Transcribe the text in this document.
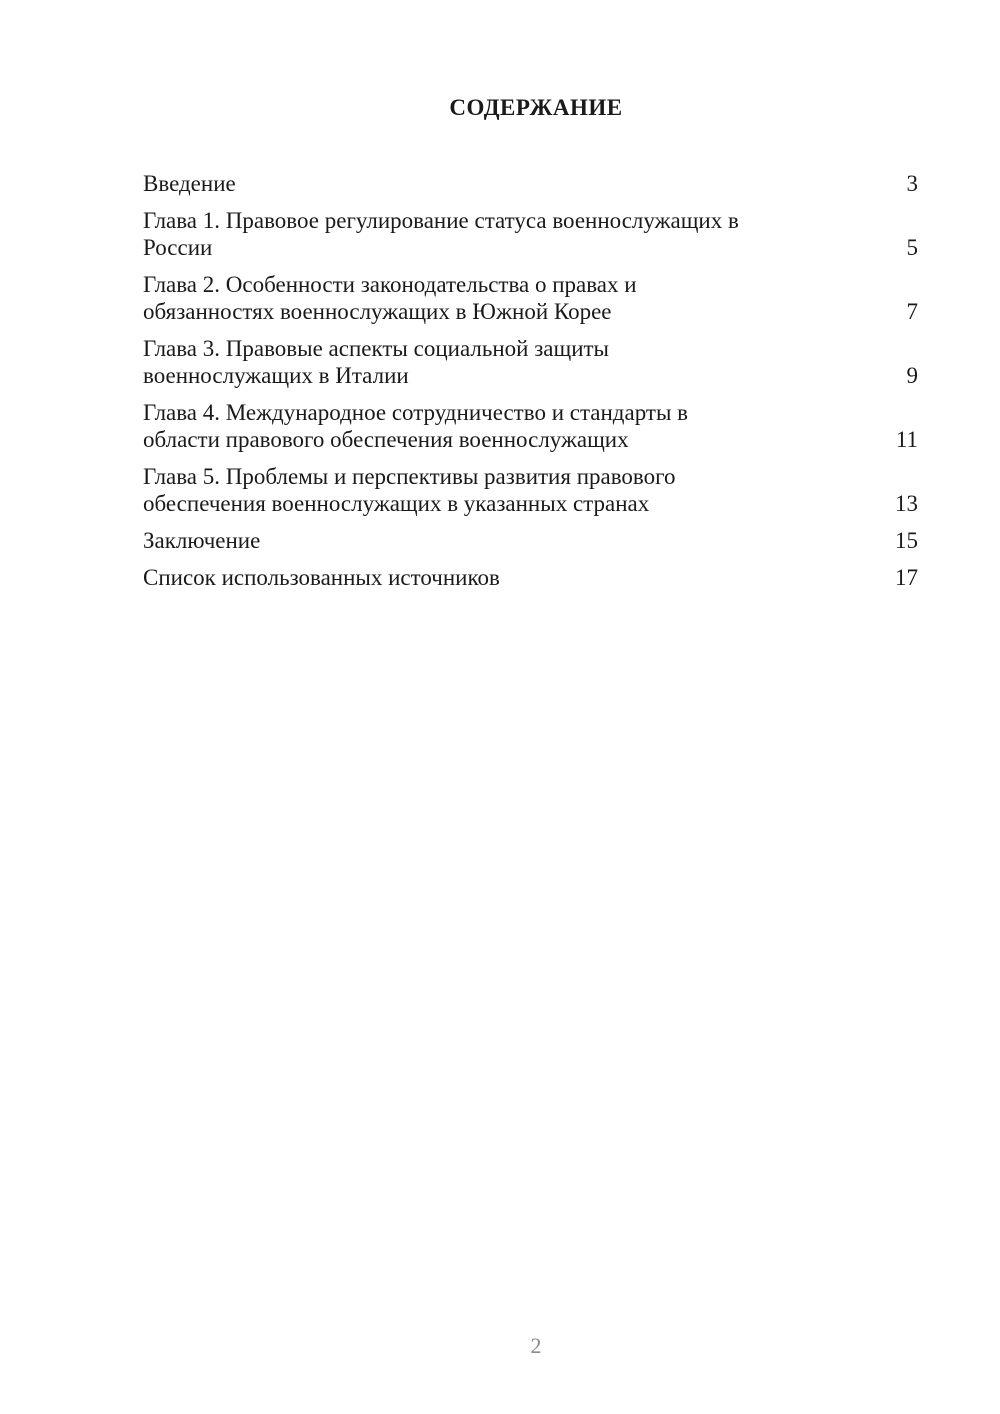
СОДЕРЖАНИЕ
Введение	3
Глава 1. Правовое регулирование статуса военнослужащих в
России	5
Глава 2. Особенности законодательства о правах и
обязанностях военнослужащих в Южной Корее	7
Глава 3. Правовые аспекты социальной защиты
военнослужащих в Италии	9
Глава 4. Международное сотрудничество и стандарты в
области правового обеспечения военнослужащих	11
Глава 5. Проблемы и перспективы развития правового
обеспечения военнослужащих в указанных странах	13
Заключение	15
Список использованных источников	17
2
